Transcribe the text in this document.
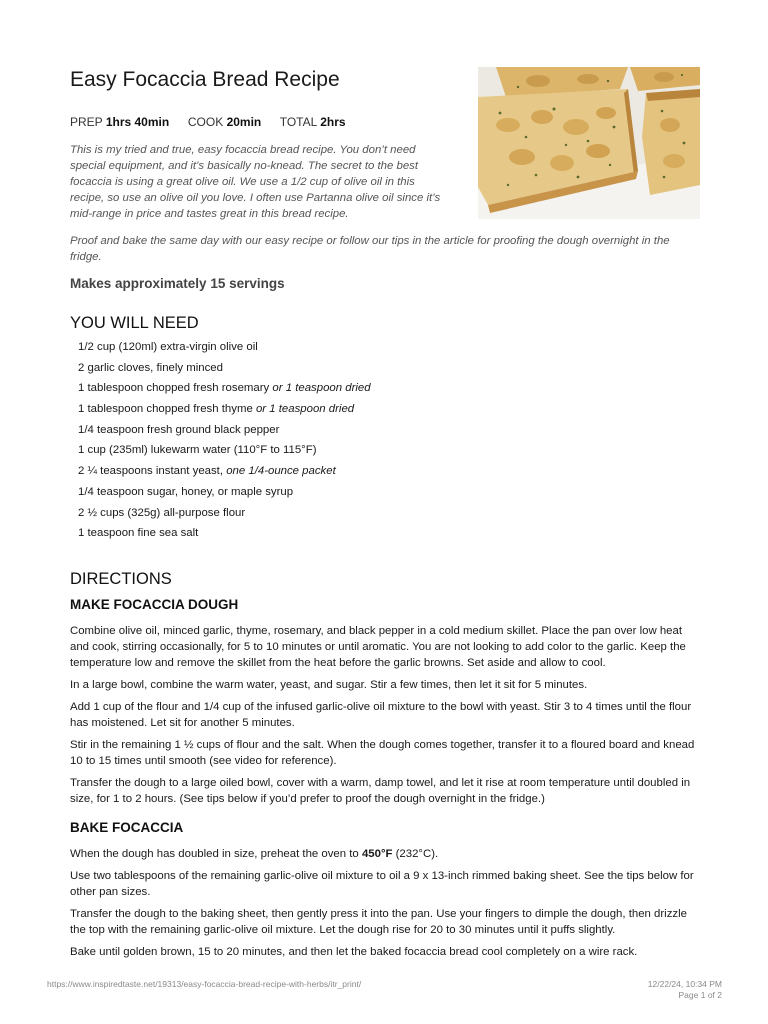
Easy Focaccia Bread Recipe
PREP 1hrs 40min COOK 20min TOTAL 2hrs

This is my tried and true, easy focaccia bread recipe. You don’t need special equipment, and it’s basically no-knead. The secret to the best focaccia is using a great olive oil. We use a 1/2 cup of olive oil in this recipe, so use an olive oil you love. I often use Partanna olive oil since it’s mid-range in price and tastes great in this bread recipe.

Proof and bake the same day with our easy recipe or follow our tips in the article for proofing the dough overnight in the fridge.

Makes approximately 15 servings

YOU WILL NEED
1/2 cup (120ml) extra-virgin olive oil
2 garlic cloves, finely minced
1 tablespoon chopped fresh rosemary or 1 teaspoon dried
1 tablespoon chopped fresh thyme or 1 teaspoon dried
1/4 teaspoon fresh ground black pepper
1 cup (235ml) lukewarm water (110°F to 115°F)
2 ¼ teaspoons instant yeast, one 1/4-ounce packet
1/4 teaspoon sugar, honey, or maple syrup
2 ½ cups (325g) all-purpose flour
1 teaspoon fine sea salt
DIRECTIONS
MAKE FOCACCIA DOUGH

Combine olive oil, minced garlic, thyme, rosemary, and black pepper in a cold medium skillet. Place the pan over low heat and cook, stirring occasionally, for 5 to 10 minutes or until aromatic. You are not looking to add color to the garlic. Keep the temperature low and remove the skillet from the heat before the garlic browns. Set aside and allow to cool.

In a large bowl, combine the warm water, yeast, and sugar. Stir a few times, then let it sit for 5 minutes.

Add 1 cup of the flour and 1/4 cup of the infused garlic-olive oil mixture to the bowl with yeast. Stir 3 to 4 times until the flour has moistened. Let sit for another 5 minutes.

Stir in the remaining 1 ½ cups of flour and the salt. When the dough comes together, transfer it to a floured board and knead 10 to 15 times until smooth (see video for reference).

Transfer the dough to a large oiled bowl, cover with a warm, damp towel, and let it rise at room temperature until doubled in size, for 1 to 2 hours. (See tips below if you’d prefer to proof the dough overnight in the fridge.)

BAKE FOCACCIA

When the dough has doubled in size, preheat the oven to 450°F (232°C).

Use two tablespoons of the remaining garlic-olive oil mixture to oil a 9 x 13-inch rimmed baking sheet. See the tips below for other pan sizes.

Transfer the dough to the baking sheet, then gently press it into the pan. Use your fingers to dimple the dough, then drizzle the top with the remaining garlic-olive oil mixture. Let the dough rise for 20 to 30 minutes until it puffs slightly.

Bake until golden brown, 15 to 20 minutes, and then let the baked focaccia bread cool completely on a wire rack.

https://www.inspiredtaste.net/19313/easy-focaccia-bread-recipe-with-herbs/itr_print/	12/22/24, 10:34 PM
Page 1 of 2
